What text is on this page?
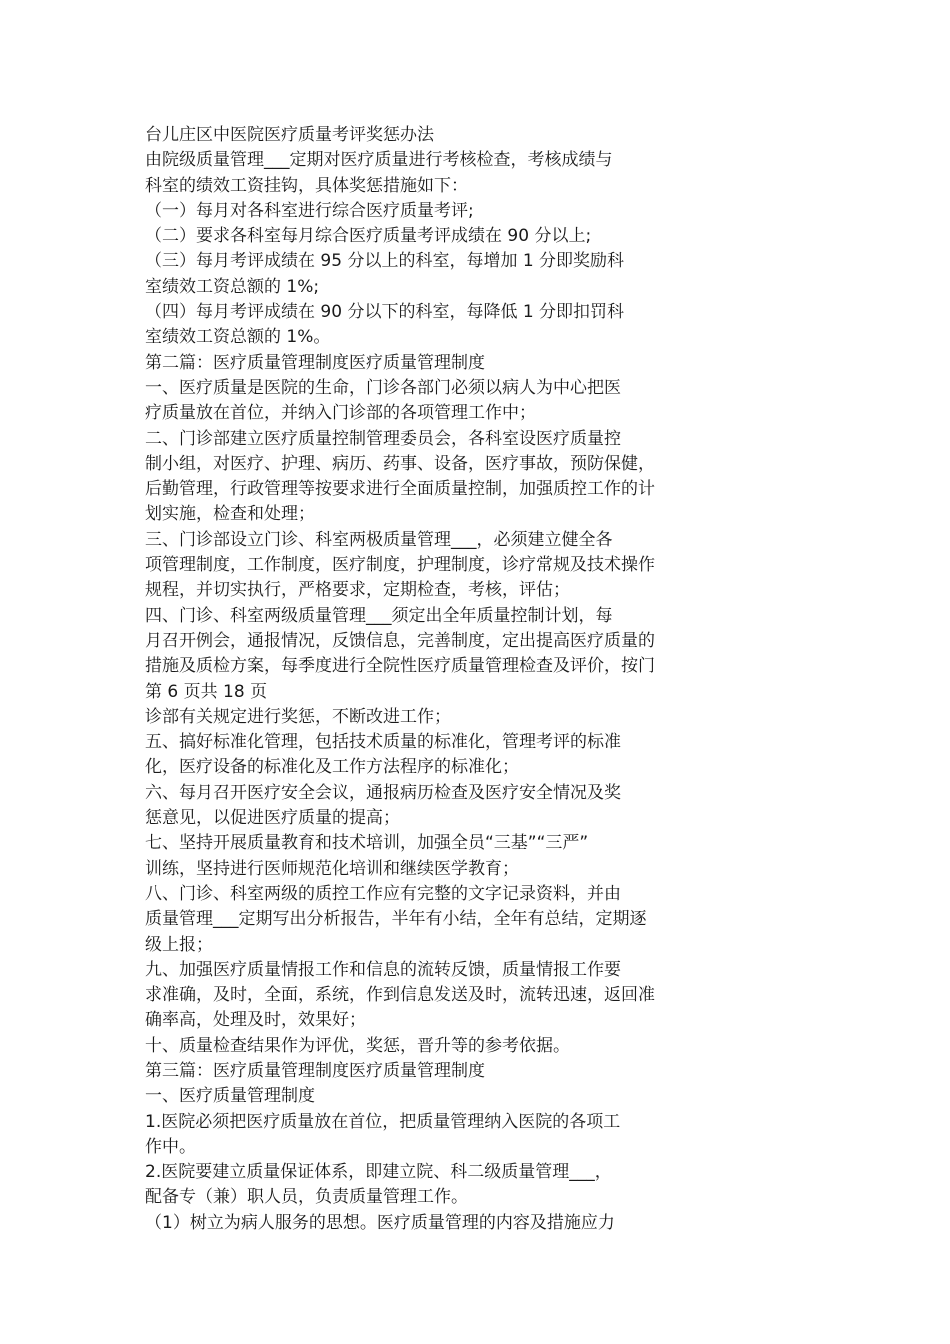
台儿庄区中医院医疗质量考评奖惩办法
由院级质量管理___定期对医疗质量进行考核检查，考核成绩与
科室的绩效工资挂钩，具体奖惩措施如下：
（一）每月对各科室进行综合医疗质量考评;
（二）要求各科室每月综合医疗质量考评成绩在 90 分以上;
（三）每月考评成绩在 95 分以上的科室，每增加 1 分即奖励科
室绩效工资总额的 1%;
（四）每月考评成绩在 90 分以下的科室，每降低 1 分即扣罚科
室绩效工资总额的 1%。
第二篇：医疗质量管理制度医疗质量管理制度
一、医疗质量是医院的生命，门诊各部门必须以病人为中心把医
疗质量放在首位，并纳入门诊部的各项管理工作中；
二、门诊部建立医疗质量控制管理委员会，各科室设医疗质量控
制小组，对医疗、护理、病历、药事、设备，医疗事故，预防保健，
后勤管理，行政管理等按要求进行全面质量控制，加强质控工作的计
划实施，检查和处理；
三、门诊部设立门诊、科室两极质量管理___，必须建立健全各
项管理制度，工作制度，医疗制度，护理制度，诊疗常规及技术操作
规程，并切实执行，严格要求，定期检查，考核，评估；
四、门诊、科室两级质量管理___须定出全年质量控制计划，每
月召开例会，通报情况，反馈信息，完善制度，定出提高医疗质量的
措施及质检方案，每季度进行全院性医疗质量管理检查及评价，按门
第 6 页共 18 页
诊部有关规定进行奖惩，不断改进工作；
五、搞好标准化管理，包括技术质量的标准化，管理考评的标准
化，医疗设备的标准化及工作方法程序的标准化；
六、每月召开医疗安全会议，通报病历检查及医疗安全情况及奖
惩意见，以促进医疗质量的提高；
七、坚持开展质量教育和技术培训，加强全员“三基”“三严”
训练，坚持进行医师规范化培训和继续医学教育；
八、门诊、科室两级的质控工作应有完整的文字记录资料，并由
质量管理___定期写出分析报告，半年有小结，全年有总结，定期逐
级上报；
九、加强医疗质量情报工作和信息的流转反馈，质量情报工作要
求准确，及时，全面，系统，作到信息发送及时，流转迅速，返回准
确率高，处理及时，效果好；
十、质量检查结果作为评优，奖惩，晋升等的参考依据。
第三篇：医疗质量管理制度医疗质量管理制度
一、医疗质量管理制度
1.医院必须把医疗质量放在首位，把质量管理纳入医院的各项工
作中。
2.医院要建立质量保证体系，即建立院、科二级质量管理___，
配备专（兼）职人员，负责质量管理工作。
（1）树立为病人服务的思想。医疗质量管理的内容及措施应力
